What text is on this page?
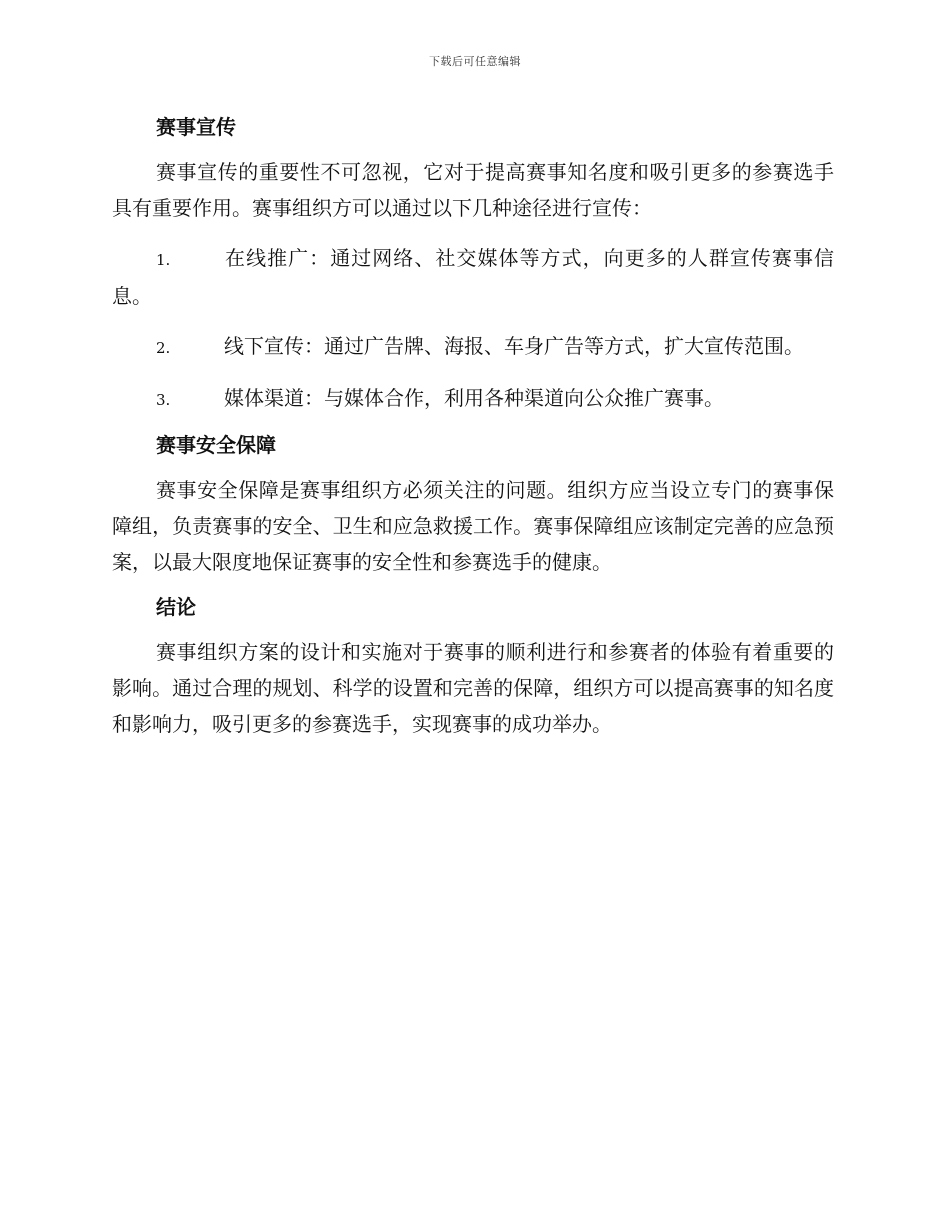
下载后可任意编辑
赛事宣传

赛事宣传的重要性不可忽视，它对于提高赛事知名度和吸引更多的参赛选手具有重要作用。赛事组织方可以通过以下几种途径进行宣传：

1.	在线推广：通过网络、社交媒体等方式，向更多的人群宣传赛事信息。

2.	线下宣传：通过广告牌、海报、车身广告等方式，扩大宣传范围。

3.	媒体渠道：与媒体合作，利用各种渠道向公众推广赛事。

赛事安全保障

赛事安全保障是赛事组织方必须关注的问题。组织方应当设立专门的赛事保障组，负责赛事的安全、卫生和应急救援工作。赛事保障组应该制定完善的应急预案，以最大限度地保证赛事的安全性和参赛选手的健康。

结论

赛事组织方案的设计和实施对于赛事的顺利进行和参赛者的体验有着重要的影响。通过合理的规划、科学的设置和完善的保障，组织方可以提高赛事的知名度和影响力，吸引更多的参赛选手，实现赛事的成功举办。
